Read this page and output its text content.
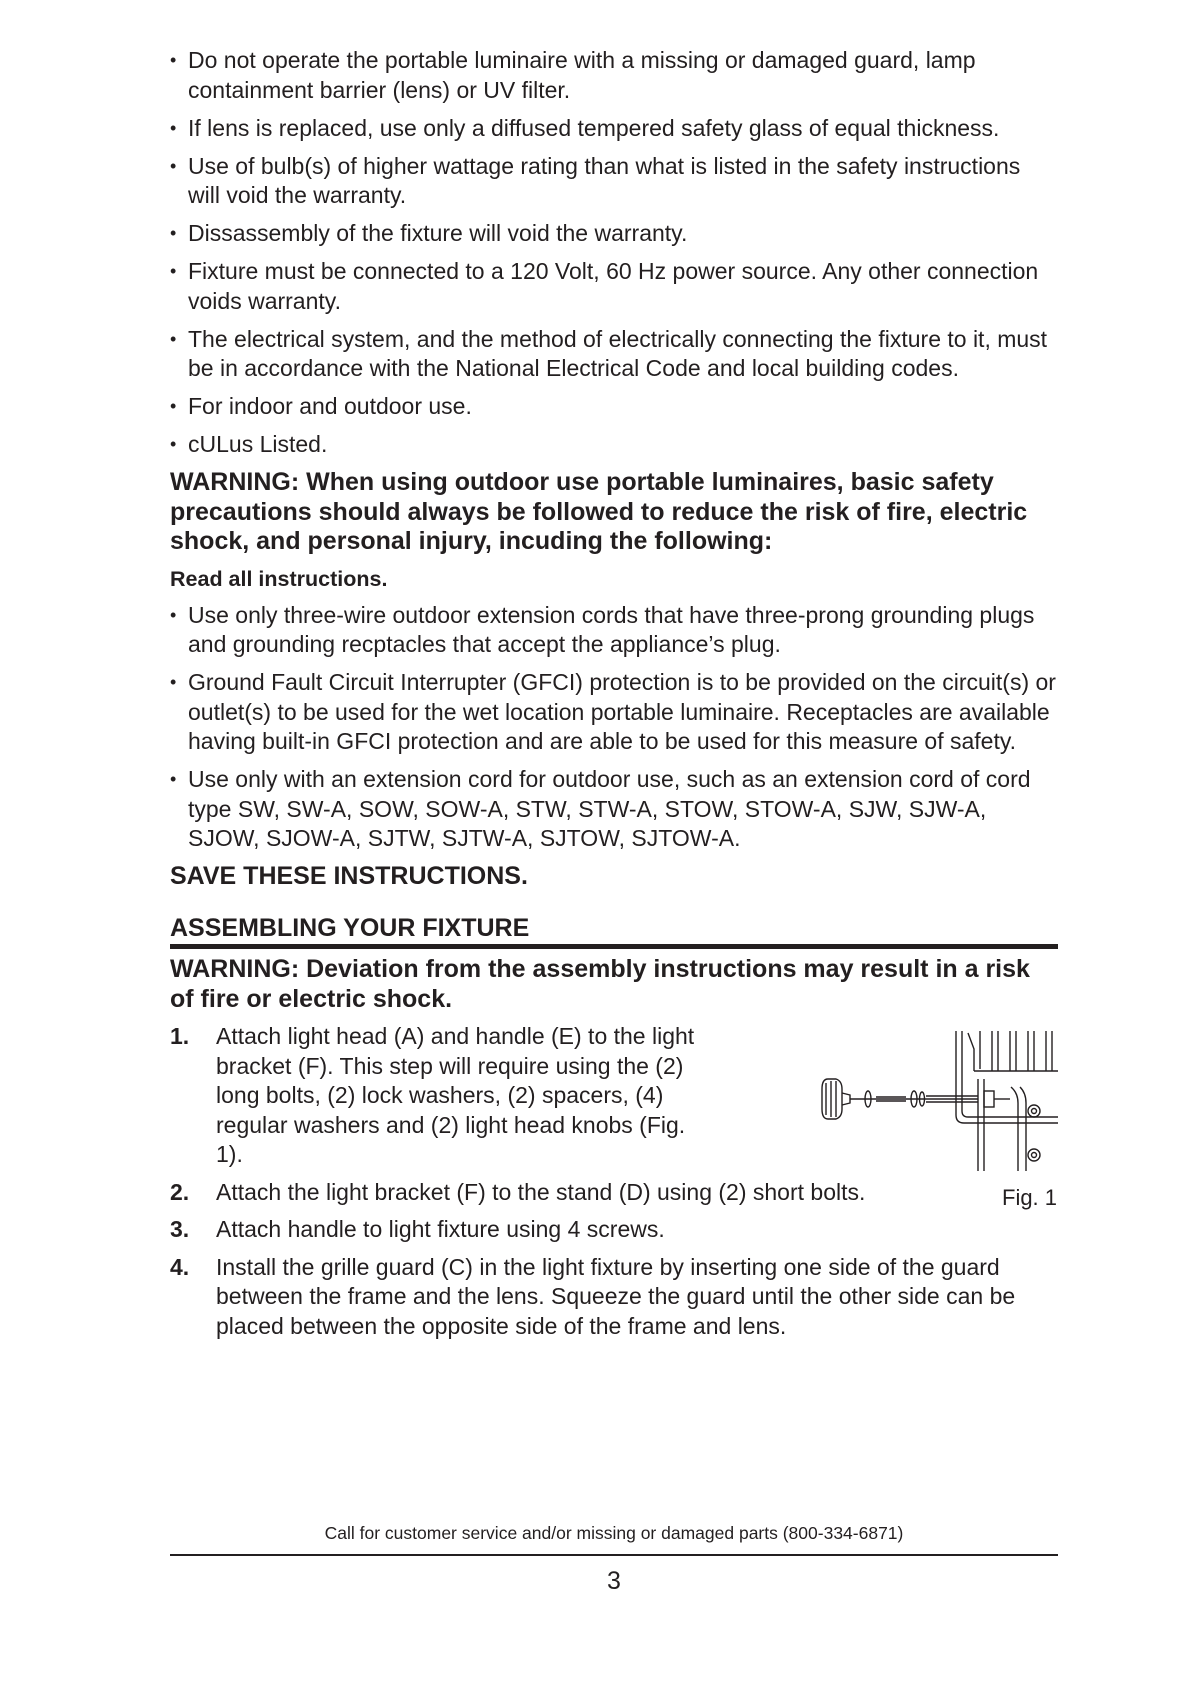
• Do not operate the portable luminaire with a missing or damaged guard, lamp containment barrier (lens) or UV filter.
• If lens is replaced, use only a diffused tempered safety glass of equal thickness.
• Use of bulb(s) of higher wattage rating than what is listed in the safety instructions will void the warranty.
• Dissassembly of the fixture will void the warranty.
• Fixture must be connected to a 120 Volt, 60 Hz power source. Any other connection voids warranty.
• The electrical system, and the method of electrically connecting the fixture to it, must be in accordance with the National Electrical Code and local building codes.
• For indoor and outdoor use.
• cULus Listed.
WARNING: When using outdoor use portable luminaires, basic safety precautions should always be followed to reduce the risk of fire, electric shock, and personal injury, incuding the following:
Read all instructions.
• Use only three-wire outdoor extension cords that have three-prong grounding plugs and grounding recptacles that accept the appliance’s plug.
• Ground Fault Circuit Interrupter (GFCI) protection is to be provided on the circuit(s) or outlet(s) to be used for the wet location portable luminaire. Receptacles are available having built-in GFCI protection and are able to be used for this measure of safety.
• Use only with an extension cord for outdoor use, such as an extension cord of cord type SW, SW-A, SOW, SOW-A, STW, STW-A, STOW, STOW-A, SJW, SJW-A, SJOW, SJOW-A, SJTW, SJTW-A, SJTOW, SJTOW-A.
SAVE THESE INSTRUCTIONS.
ASSEMBLING YOUR FIXTURE
WARNING: Deviation from the assembly instructions may result in a risk of fire or electric shock.
1. Attach light head (A) and handle (E) to the light bracket (F). This step will require using the (2) long bolts, (2) lock washers, (2) spacers, (4) regular washers and (2) light head knobs (Fig. 1).
2. Attach the light bracket (F) to the stand (D) using (2) short bolts.
3. Attach handle to light fixture using 4 screws.
4. Install the grille guard (C) in the light fixture by inserting one side of the guard between the frame and the lens. Squeeze the guard until the other side can be placed between the opposite side of the frame and lens.
Fig. 1
Call for customer service and/or missing or damaged parts (800-334-6871)
3
